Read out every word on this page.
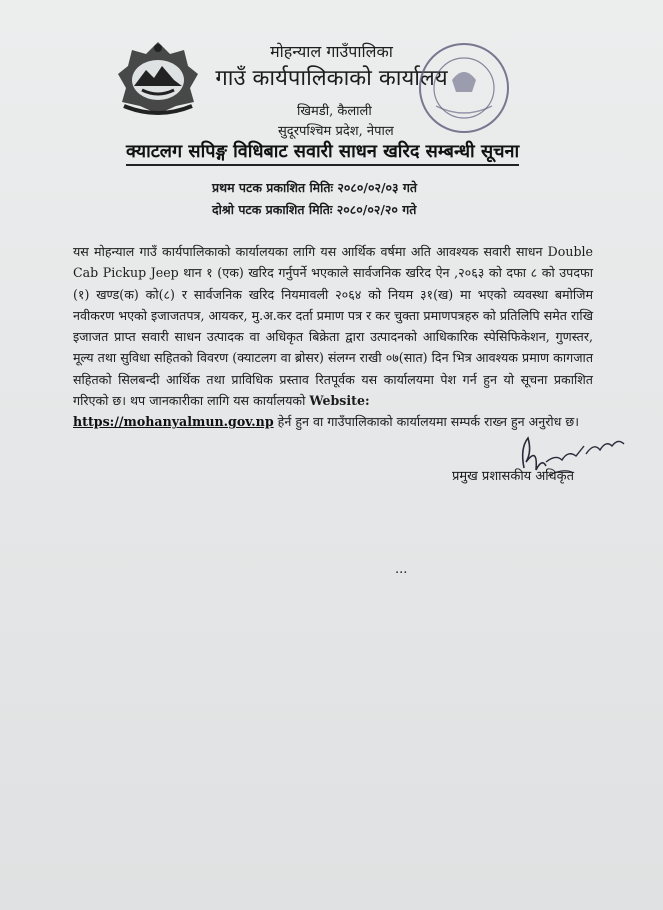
मोहन्याल गाउँपालिका
गाउँ कार्यपालिकाको कार्यालय
खिमडी, कैलाली
सुदूरपश्चिम प्रदेश, नेपाल
क्याटलग सपिङ्ग विधिबाट सवारी साधन खरिद सम्बन्धी सूचना
प्रथम पटक प्रकाशित मितिः २०८०/०२/०३ गते
दोश्रो पटक प्रकाशित मितिः २०८०/०२/२० गते
यस मोहन्याल गाउँ कार्यपालिकाको कार्यालयका लागि यस आर्थिक वर्षमा अति आवश्यक सवारी साधन Double Cab Pickup Jeep थान १ (एक) खरिद गर्नुपर्ने भएकाले सार्वजनिक खरिद ऐन ,२०६३ को दफा ८ को उपदफा (१) खण्ड(क) को(८) र सार्वजनिक खरिद नियमावली २०६४ को नियम ३१(ख) मा भएको व्यवस्था बमोजिम नवीकरण भएको इजाजतपत्र, आयकर, मु.अ.कर दर्ता प्रमाण पत्र र कर चुक्ता प्रमाणपत्रहरु को प्रतिलिपि समेत राखि इजाजत प्राप्त सवारी साधन उत्पादक वा अधिकृत बिक्रेता द्वारा उत्पादनको आधिकारिक स्पेसिफिकेशन, गुणस्तर, मूल्य तथा सुविधा सहितको विवरण (क्याटलग वा ब्रोसर) संलग्न राखी ०७(सात) दिन भित्र आवश्यक प्रमाण कागजात सहितको सिलबन्दी आर्थिक तथा प्राविधिक प्रस्ताव रितपूर्वक यस कार्यालयमा पेश गर्न हुन यो सूचना प्रकाशित गरिएको छ। थप जानकारीका लागि यस कार्यालयको Website:
https://mohanyalmun.gov.np हेर्न हुन वा गाउँपालिकाको कार्यालयमा सम्पर्क राख्न हुन अनुरोध छ।
प्रमुख प्रशासकीय अधिकृत
...
